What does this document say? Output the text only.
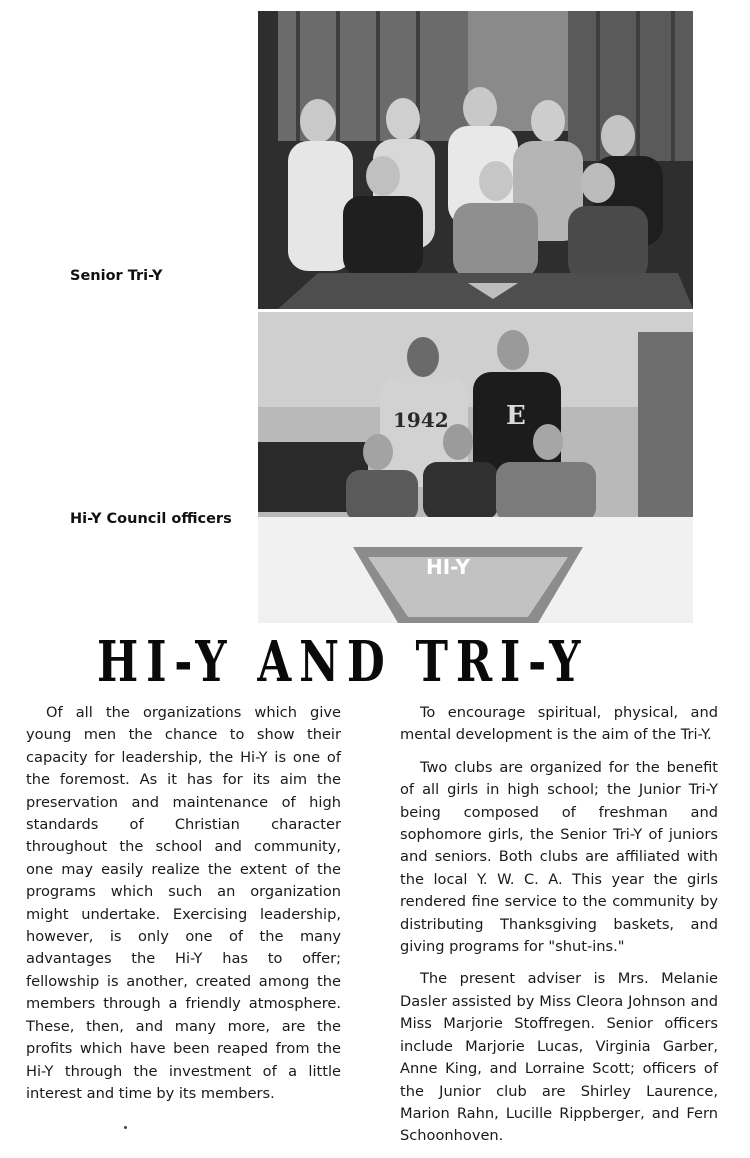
Senior Tri-Y
1942 E
HI-Y
Hi-Y Council officers
HI-Y AND TRI-Y

Of all the organizations which give young men the chance to show their capacity for leadership, the Hi-Y is one of the foremost. As it has for its aim the preservation and maintenance of high standards of Christian character throughout the school and community, one may easily realize the extent of the programs which such an organization might undertake. Exercising leadership, however, is only one of the many advantages the Hi-Y has to offer; fellowship is another, created among the members through a friendly atmosphere. These, then, and many more, are the profits which have been reaped from the Hi-Y through the investment of a little interest and time by its members.

To encourage spiritual, physical, and mental development is the aim of the Tri-Y.

Two clubs are organized for the benefit of all girls in high school; the Junior Tri-Y being composed of freshman and sophomore girls, the Senior Tri-Y of juniors and seniors. Both clubs are affiliated with the local Y. W. C. A. This year the girls rendered fine service to the community by distributing Thanksgiving baskets, and giving programs for "shut-ins."

The present adviser is Mrs. Melanie Dasler assisted by Miss Cleora Johnson and Miss Marjorie Stoffregen. Senior officers include Marjorie Lucas, Virginia Garber, Anne King, and Lorraine Scott; officers of the Junior club are Shirley Laurence, Marion Rahn, Lucille Rippberger, and Fern Schoonhoven.
